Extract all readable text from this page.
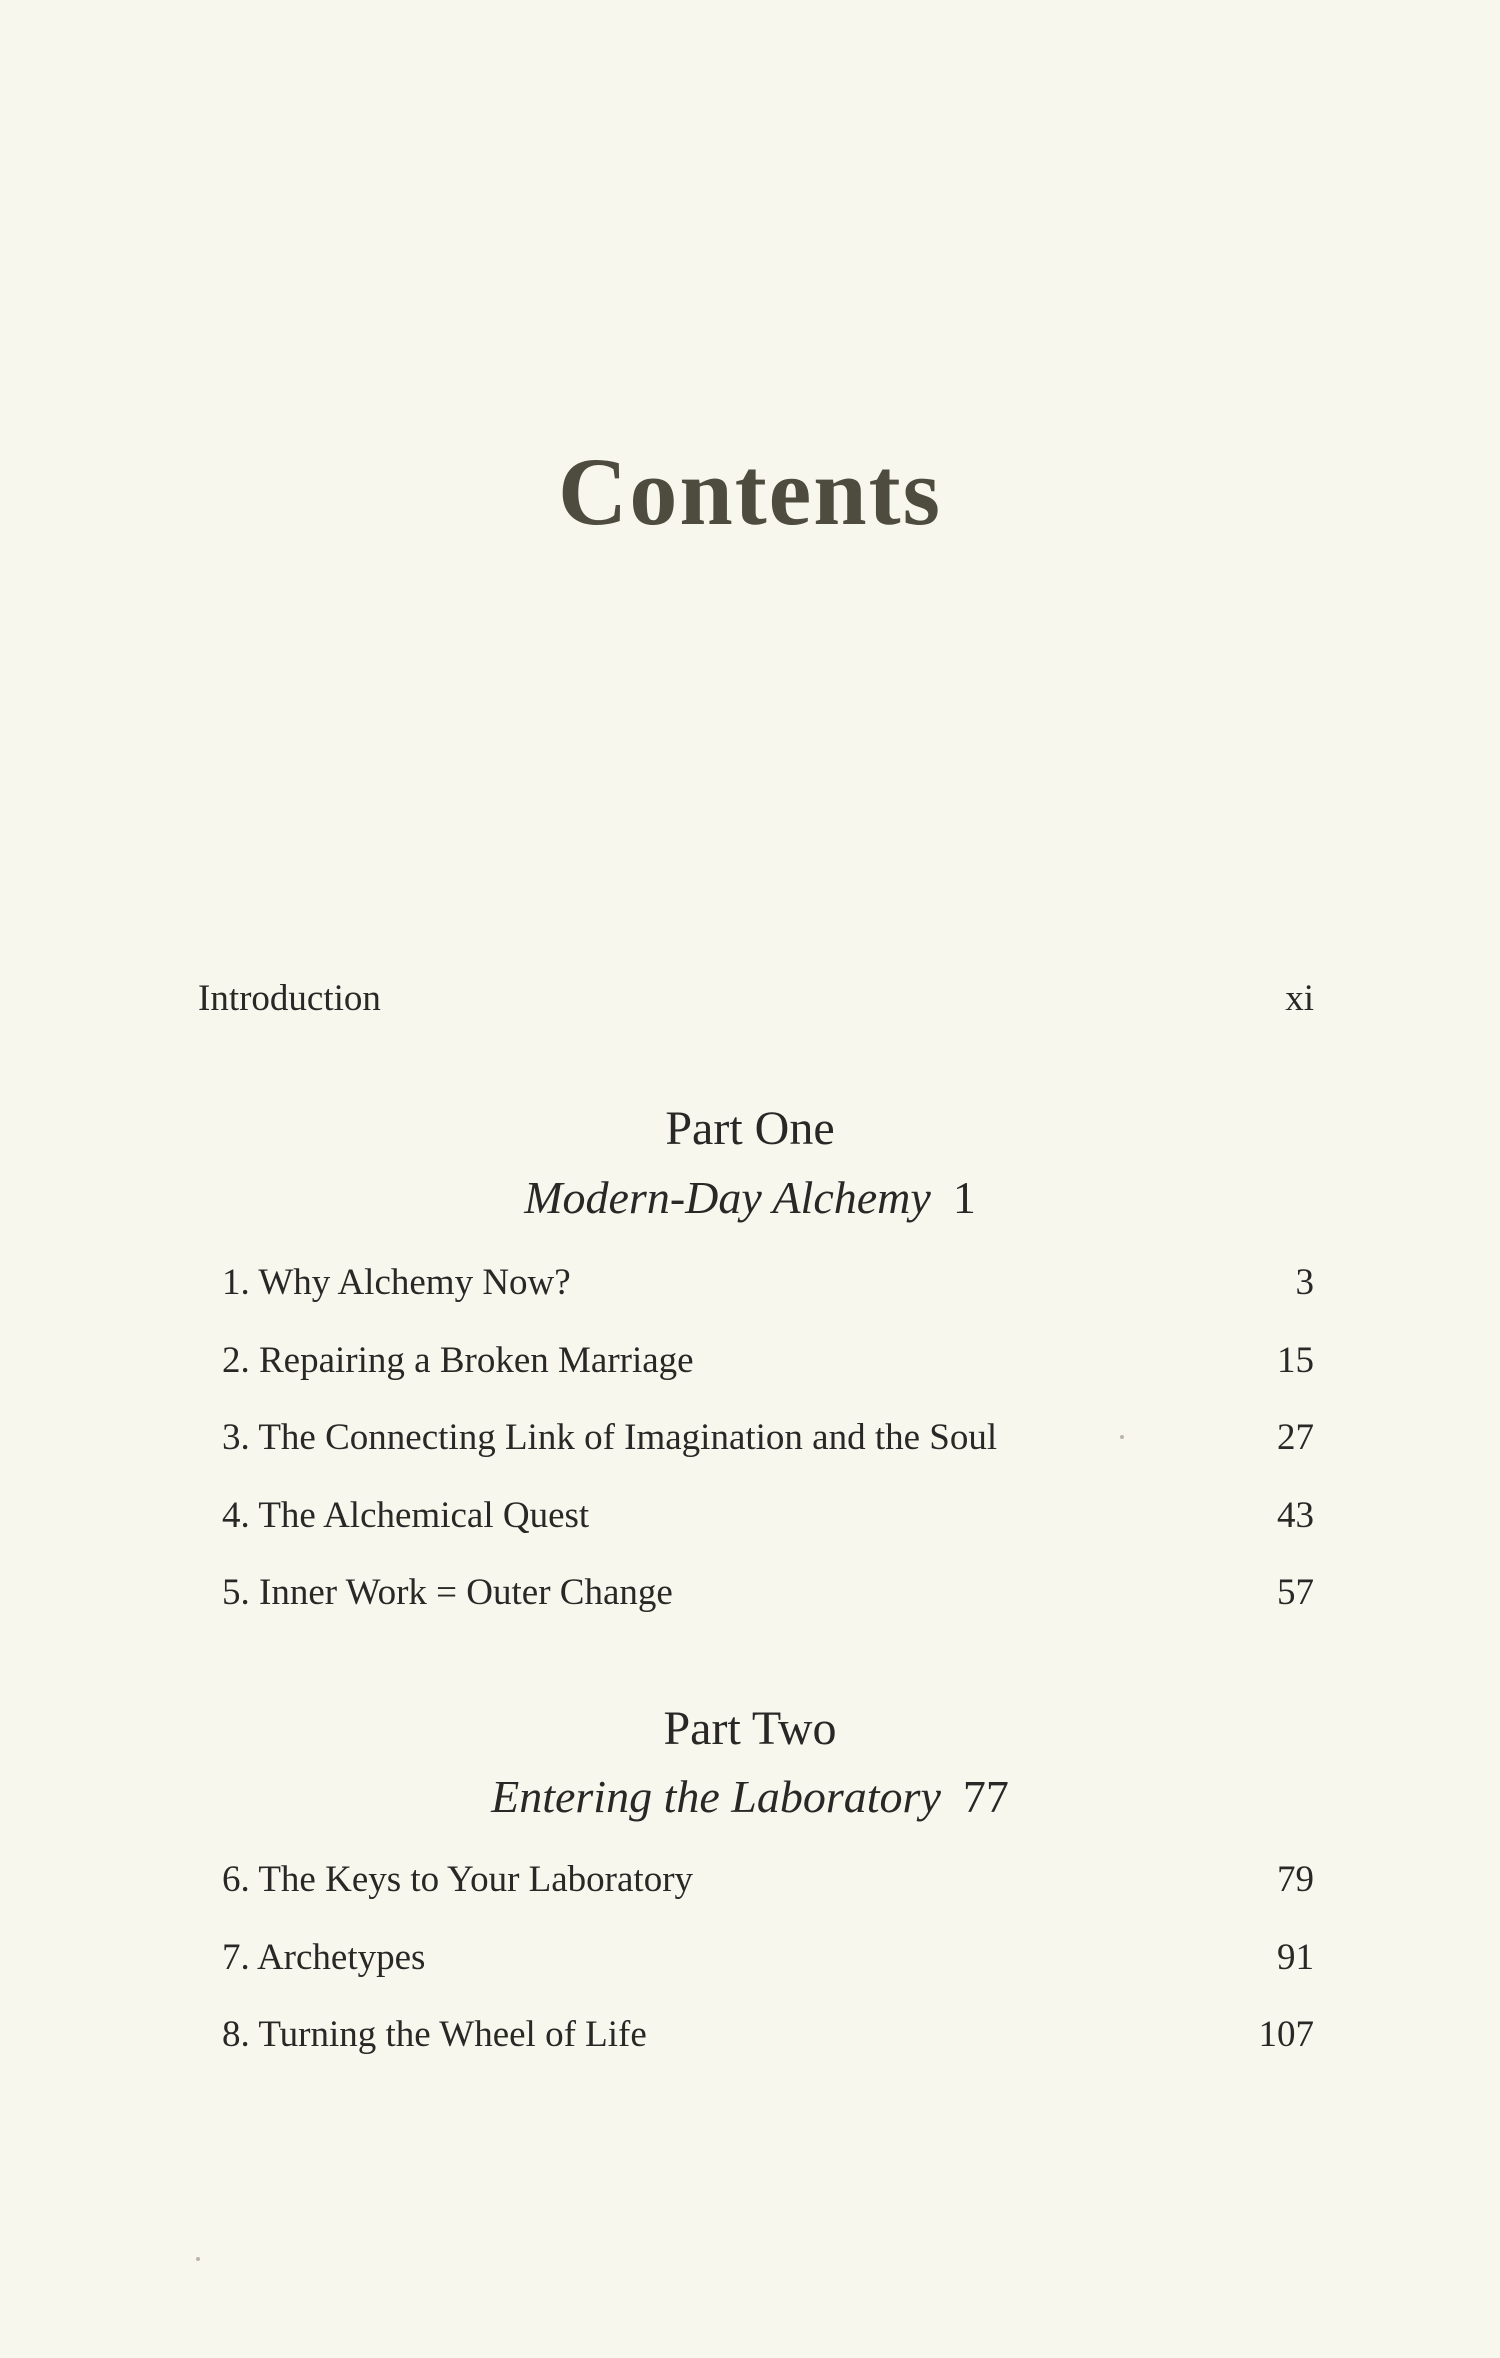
Contents
Introduction	xi
Part One
Modern-Day Alchemy 1
1. Why Alchemy Now?	3
2. Repairing a Broken Marriage	15
3. The Connecting Link of Imagination and the Soul	27
4. The Alchemical Quest	43
5. Inner Work = Outer Change	57
Part Two
Entering the Laboratory 77
6. The Keys to Your Laboratory	79
7. Archetypes	91
8. Turning the Wheel of Life	107
